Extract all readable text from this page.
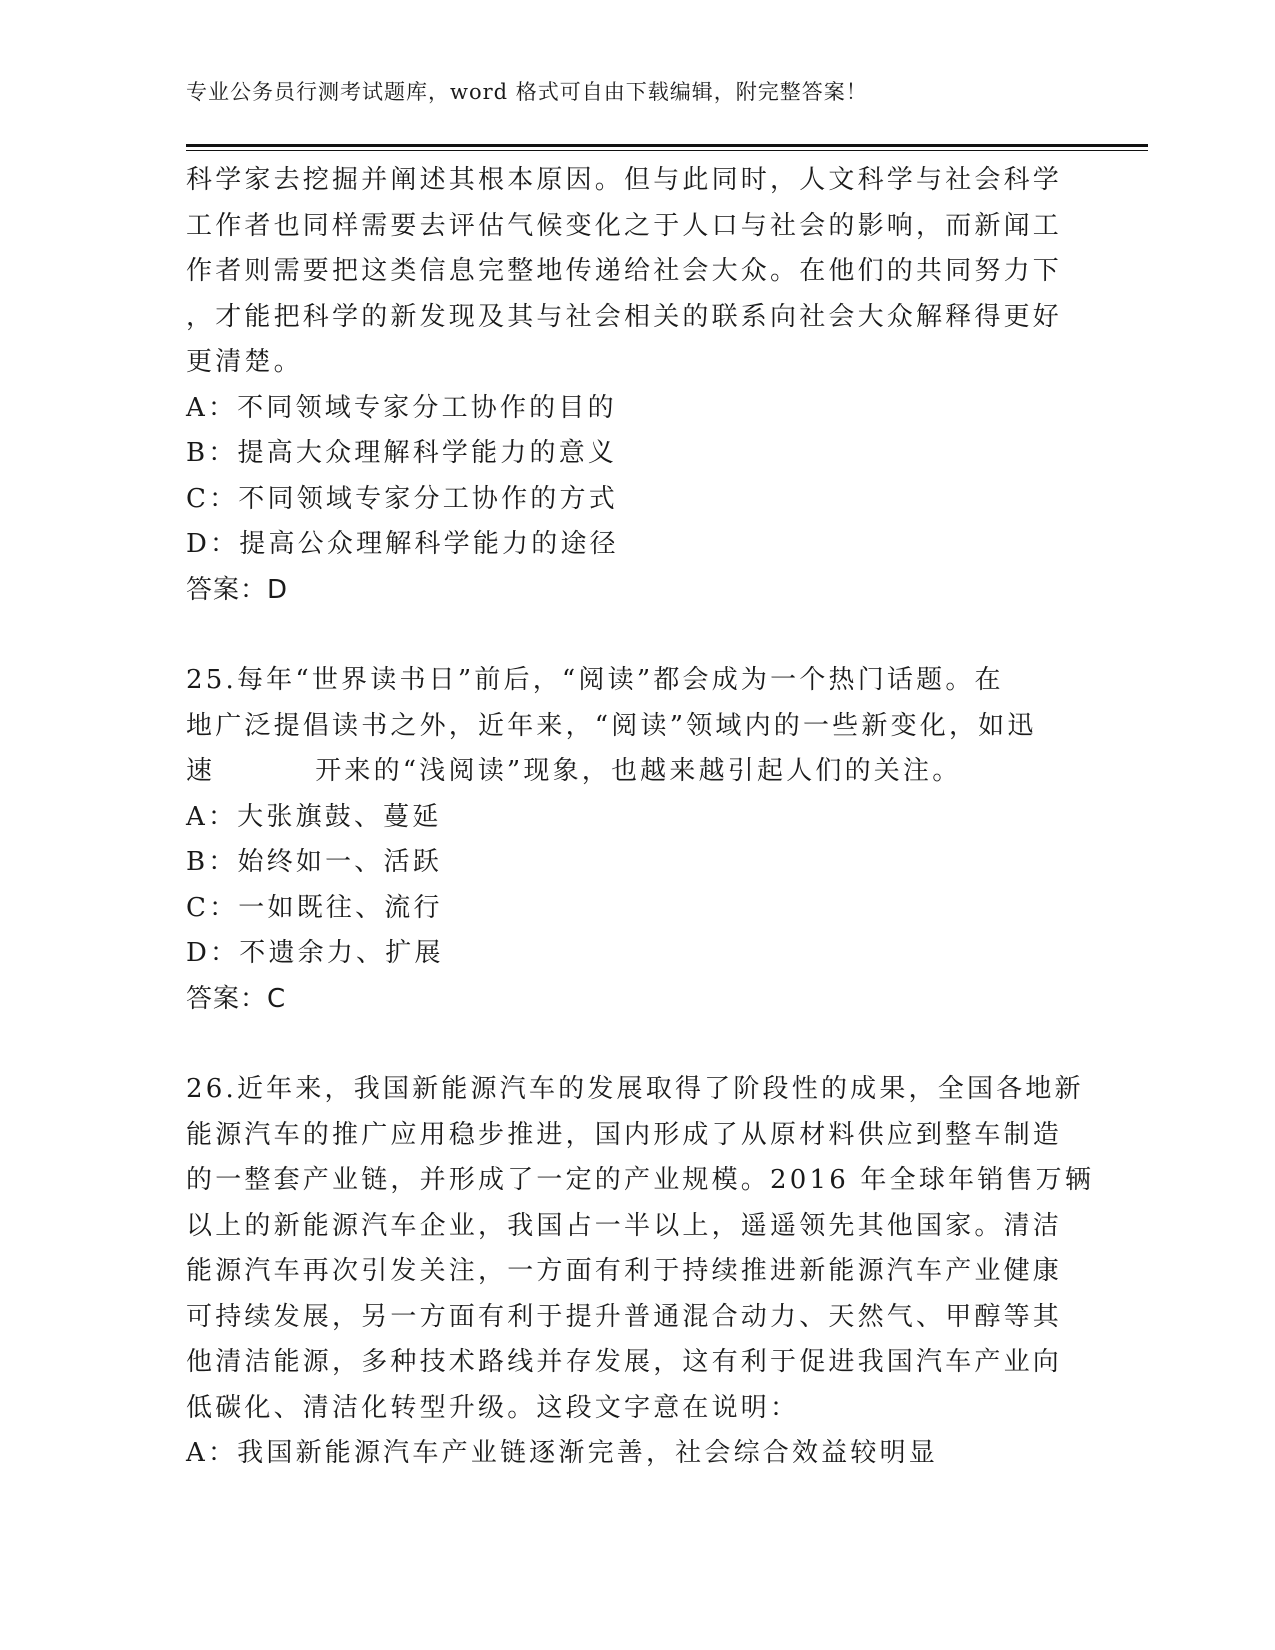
专业公务员行测考试题库，word 格式可自由下载编辑，附完整答案！

科学家去挖掘并阐述其根本原因。但与此同时，人文科学与社会科学

工作者也同样需要去评估气候变化之于人口与社会的影响，而新闻工

作者则需要把这类信息完整地传递给社会大众。在他们的共同努力下

，才能把科学的新发现及其与社会相关的联系向社会大众解释得更好

更清楚。

A：不同领域专家分工协作的目的

B：提高大众理解科学能力的意义

C：不同领域专家分工协作的方式

D：提高公众理解科学能力的途径

答案：D

25.每年“世界读书日”前后，“阅读”都会成为一个热门话题。在

地广泛提倡读书之外，近年来，“阅读”领域内的一些新变化，如迅

速	开来的“浅阅读”现象，也越来越引起人们的关注。

A：大张旗鼓、蔓延

B：始终如一、活跃

C：一如既往、流行

D：不遗余力、扩展

答案：C

26.近年来，我国新能源汽车的发展取得了阶段性的成果，全国各地新

能源汽车的推广应用稳步推进，国内形成了从原材料供应到整车制造

的一整套产业链，并形成了一定的产业规模。2016 年全球年销售万辆

以上的新能源汽车企业，我国占一半以上，遥遥领先其他国家。清洁

能源汽车再次引发关注，一方面有利于持续推进新能源汽车产业健康

可持续发展，另一方面有利于提升普通混合动力、天然气、甲醇等其

他清洁能源，多种技术路线并存发展，这有利于促进我国汽车产业向

低碳化、清洁化转型升级。这段文字意在说明：

A：我国新能源汽车产业链逐渐完善，社会综合效益较明显
